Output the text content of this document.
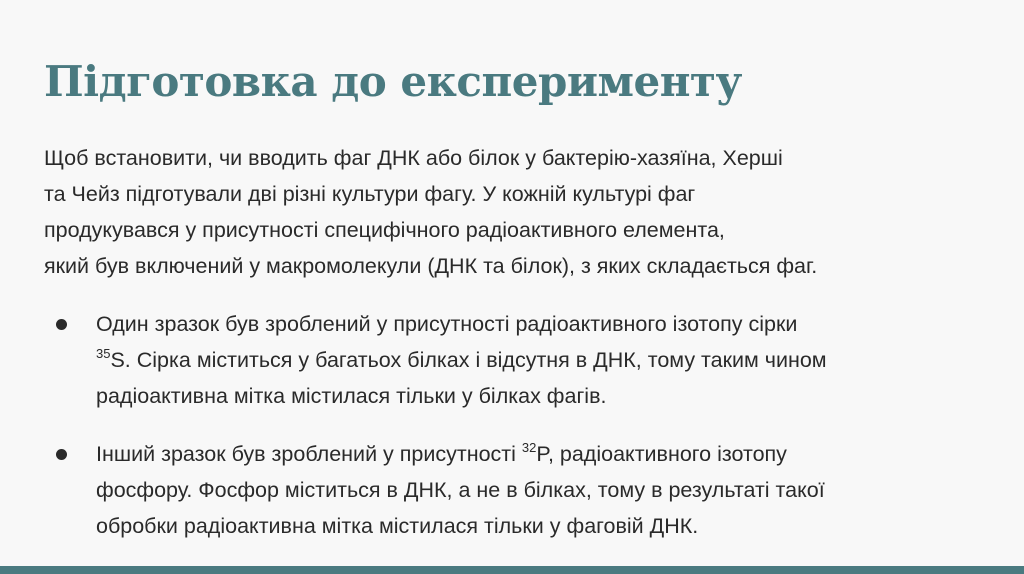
Підготовка до експерименту

Щоб встановити, чи вводить фаг ДНК або білок у бактерію-хазяїна, Херші
та Чейз підготували дві різні культури фагу. У кожній культурі фаг
продукувався у присутності специфічного радіоактивного елемента,
який був включений у макромолекули (ДНК та білок), з яких складається фаг.

Один зразок був зроблений у присутності радіоактивного ізотопу сірки
$^{35}$S. Сірка міститься у багатьох білках і відсутня в ДНК, тому таким чином
радіоактивна мітка містилася тільки у білках фагів.
Інший зразок був зроблений у присутності $^{32}$P, радіоактивного ізотопу
фосфору. Фосфор міститься в ДНК, а не в білках, тому в результаті такої
обробки радіоактивна мітка містилася тільки у фаговій ДНК.
